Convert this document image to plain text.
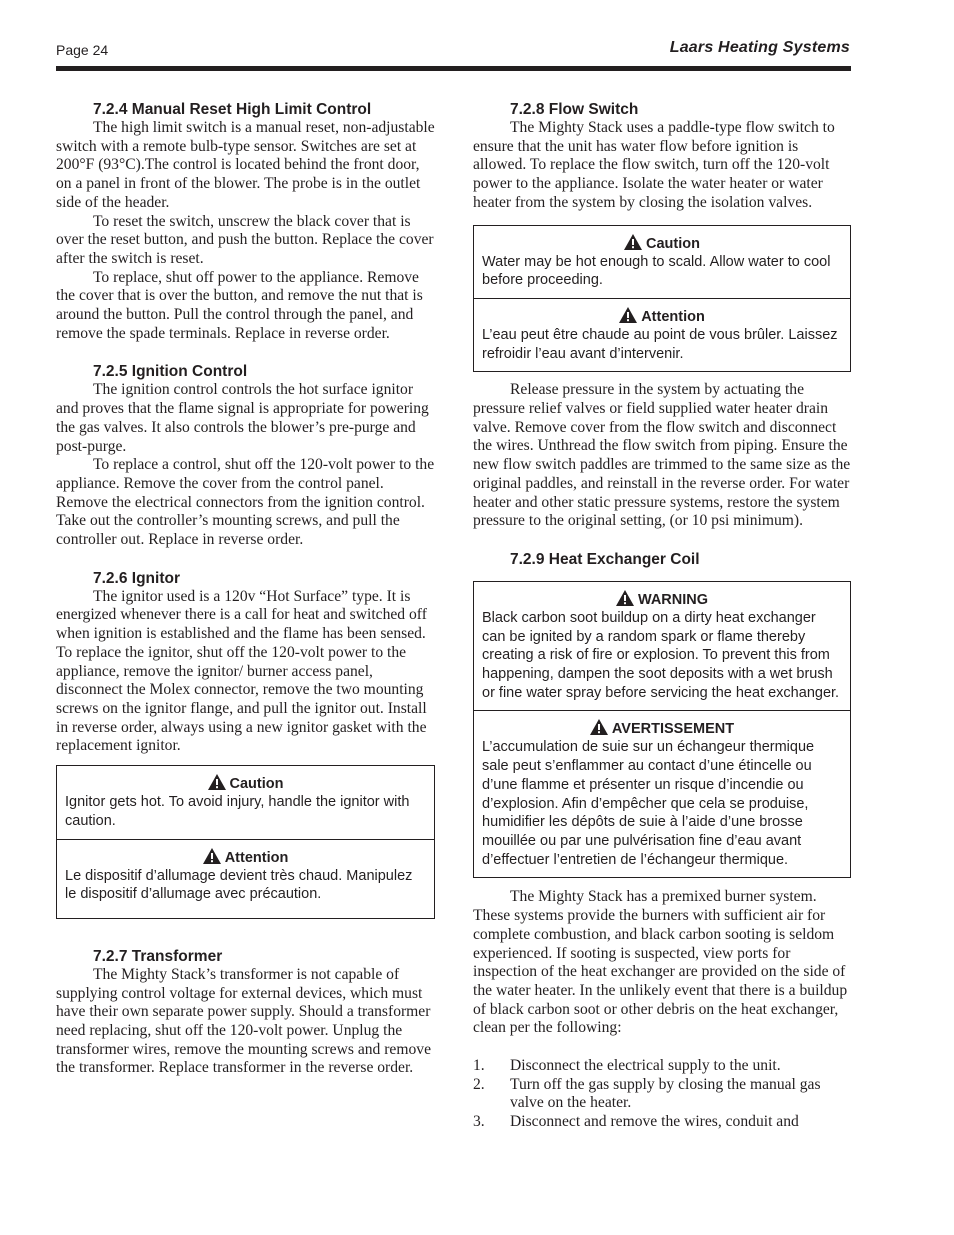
Page 24	Laars Heating Systems
7.2.4 Manual Reset High Limit Control

The high limit switch is a manual reset, non-adjustable switch with a remote bulb-type sensor. Switches are set at 200°F (93°C).The control is located behind the front door, on a panel in front of the blower. The probe is in the outlet side of the header.

To reset the switch, unscrew the black cover that is over the reset button, and push the button. Replace the cover after the switch is reset.

To replace, shut off power to the appliance. Remove the cover that is over the button, and remove the nut that is around the button. Pull the control through the panel, and remove the spade terminals. Replace in reverse order.

7.2.5 Ignition Control

The ignition control controls the hot surface ignitor and proves that the flame signal is appropriate for powering the gas valves. It also controls the blower’s pre-purge and post-purge.

To replace a control, shut off the 120-volt power to the appliance. Remove the cover from the control panel. Remove the electrical connectors from the ignition control. Take out the controller’s mounting screws, and pull the controller out. Replace in reverse order.

7.2.6 Ignitor

The ignitor used is a 120v “Hot Surface” type. It is energized whenever there is a call for heat and switched off when ignition is established and the flame has been sensed. To replace the ignitor, shut off the 120-volt power to the appliance, remove the ignitor/ burner access panel, disconnect the Molex connector, remove the two mounting screws on the ignitor flange, and pull the ignitor out. Install in reverse order, always using a new ignitor gasket with the replacement ignitor.

Caution
Ignitor gets hot. To avoid injury, handle the ignitor with caution.
Attention
Le dispositif d’allumage devient très chaud. Manipulez le dispositif d’allumage avec précaution.
7.2.7 Transformer

The Mighty Stack’s transformer is not capable of supplying control voltage for external devices, which must have their own separate power supply. Should a transformer need replacing, shut off the 120-volt power. Unplug the transformer wires, remove the mounting screws and remove the transformer. Replace transformer in the reverse order.

7.2.8 Flow Switch

The Mighty Stack uses a paddle-type flow switch to ensure that the unit has water flow before ignition is allowed. To replace the flow switch, turn off the 120-volt power to the appliance. Isolate the water heater or water heater from the system by closing the isolation valves.

Caution
Water may be hot enough to scald. Allow water to cool before proceeding.
Attention
L’eau peut être chaude au point de vous brûler. Laissez refroidir l’eau avant d’intervenir.

Release pressure in the system by actuating the pressure relief valves or field supplied water heater drain valve. Remove cover from the flow switch and disconnect the wires. Unthread the flow switch from piping. Ensure the new flow switch paddles are trimmed to the same size as the original paddles, and reinstall in the reverse order. For water heater and other static pressure systems, restore the system pressure to the original setting, (or 10 psi minimum).

7.2.9 Heat Exchanger Coil
WARNING
Black carbon soot buildup on a dirty heat exchanger can be ignited by a random spark or flame thereby creating a risk of fire or explosion. To prevent this from happening, dampen the soot deposits with a wet brush or fine water spray before servicing the heat exchanger.
AVERTISSEMENT
L’accumulation de suie sur un échangeur thermique sale peut s’enflammer au contact d’une étincelle ou d’une flamme et présenter un risque d’incendie ou d’explosion. Afin d’empêcher que cela se produise, humidifier les dépôts de suie à l’aide d’une brosse mouillée ou par une pulvérisation fine d’eau avant d’effectuer l’entretien de l’échangeur thermique.

The Mighty Stack has a premixed burner system. These systems provide the burners with sufficient air for complete combustion, and black carbon sooting is seldom experienced. If sooting is suspected, view ports for inspection of the heat exchanger are provided on the side of the water heater. In the unlikely event that there is a buildup of black carbon soot or other debris on the heat exchanger, clean per the following:

1. Disconnect the electrical supply to the unit.
2. Turn off the gas supply by closing the manual gas valve on the heater.
3. Disconnect and remove the wires, conduit and
